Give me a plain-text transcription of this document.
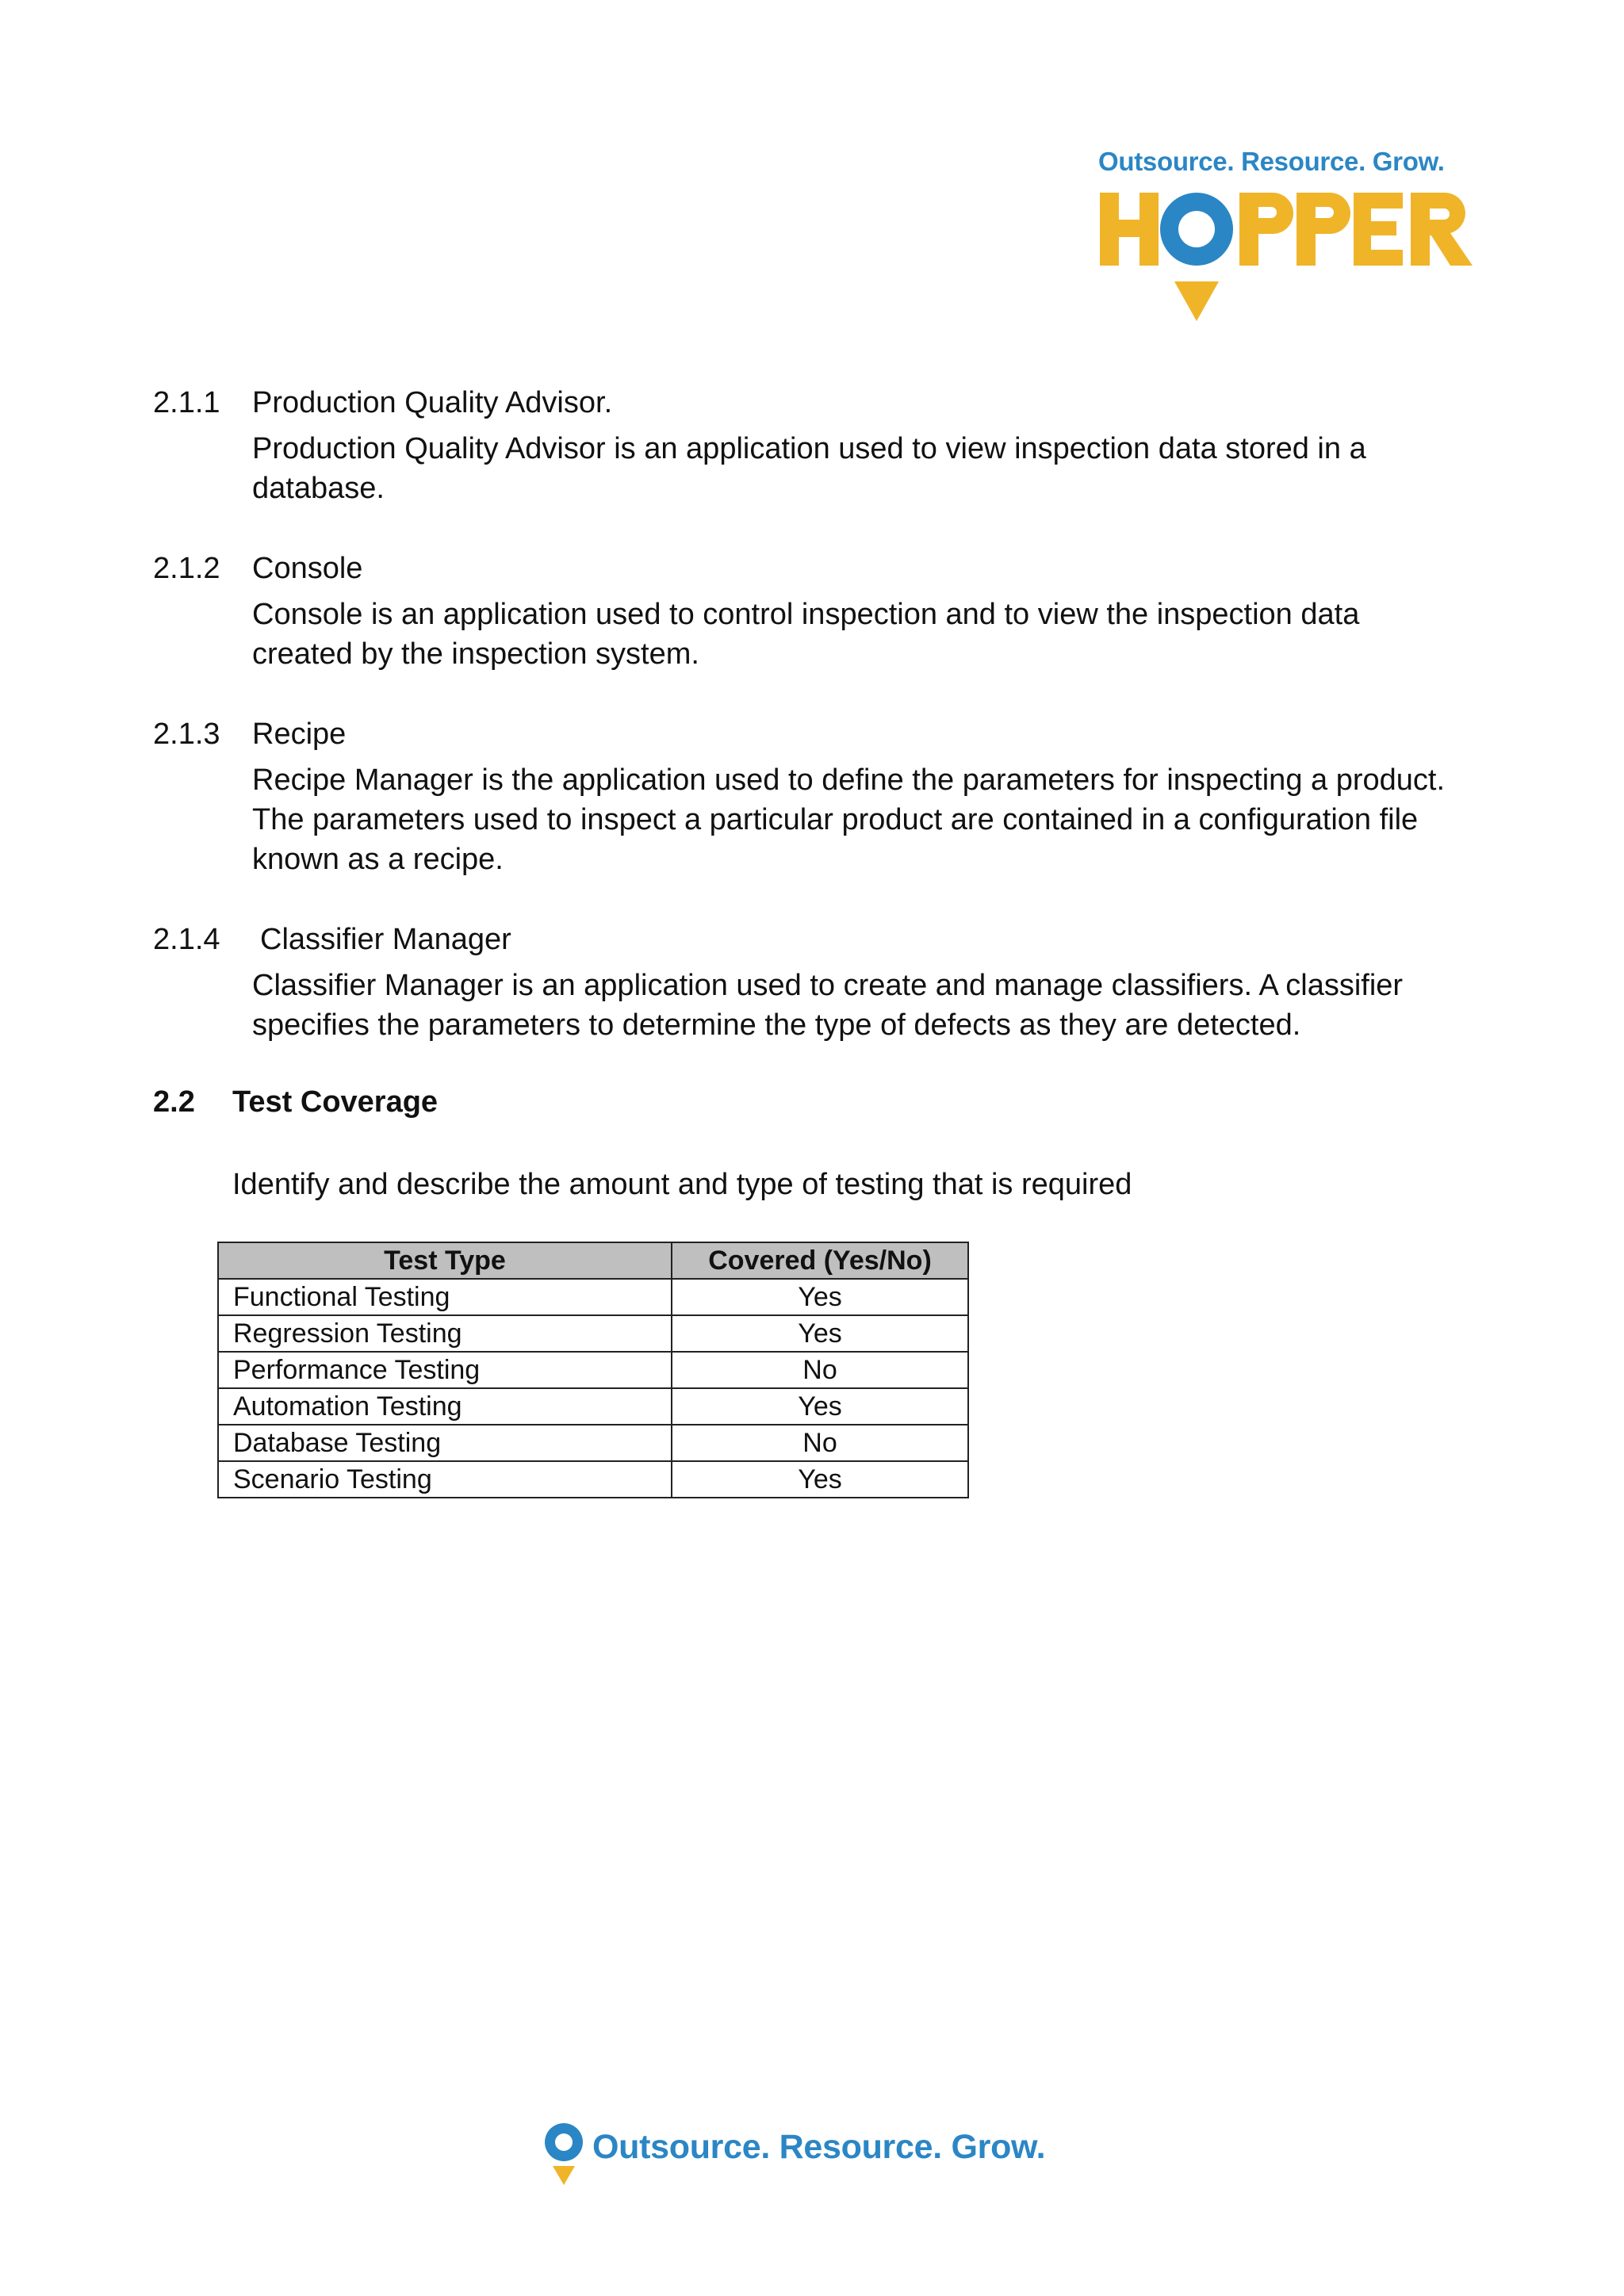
Outsource. Resource. Grow.
2.1.1 Production Quality Advisor.

Production Quality Advisor is an application used to view inspection data stored in a

database.

2.1.2 Console

Console is an application used to control inspection and to view the inspection data

created by the inspection system.

2.1.3 Recipe

Recipe Manager is the application used to define the parameters for inspecting a product.

The parameters used to inspect a particular product are contained in a configuration file

known as a recipe.

2.1.4 Classifier Manager

Classifier Manager is an application used to create and manage classifiers. A classifier

specifies the parameters to determine the type of defects as they are detected.

2.2 Test Coverage
Identify and describe the amount and type of testing that is required
Test Type	Covered (Yes/No)
Functional Testing	Yes
Regression Testing	Yes
Performance Testing	No
Automation Testing	Yes
Database Testing	No
Scenario Testing	Yes
Outsource. Resource. Grow.
